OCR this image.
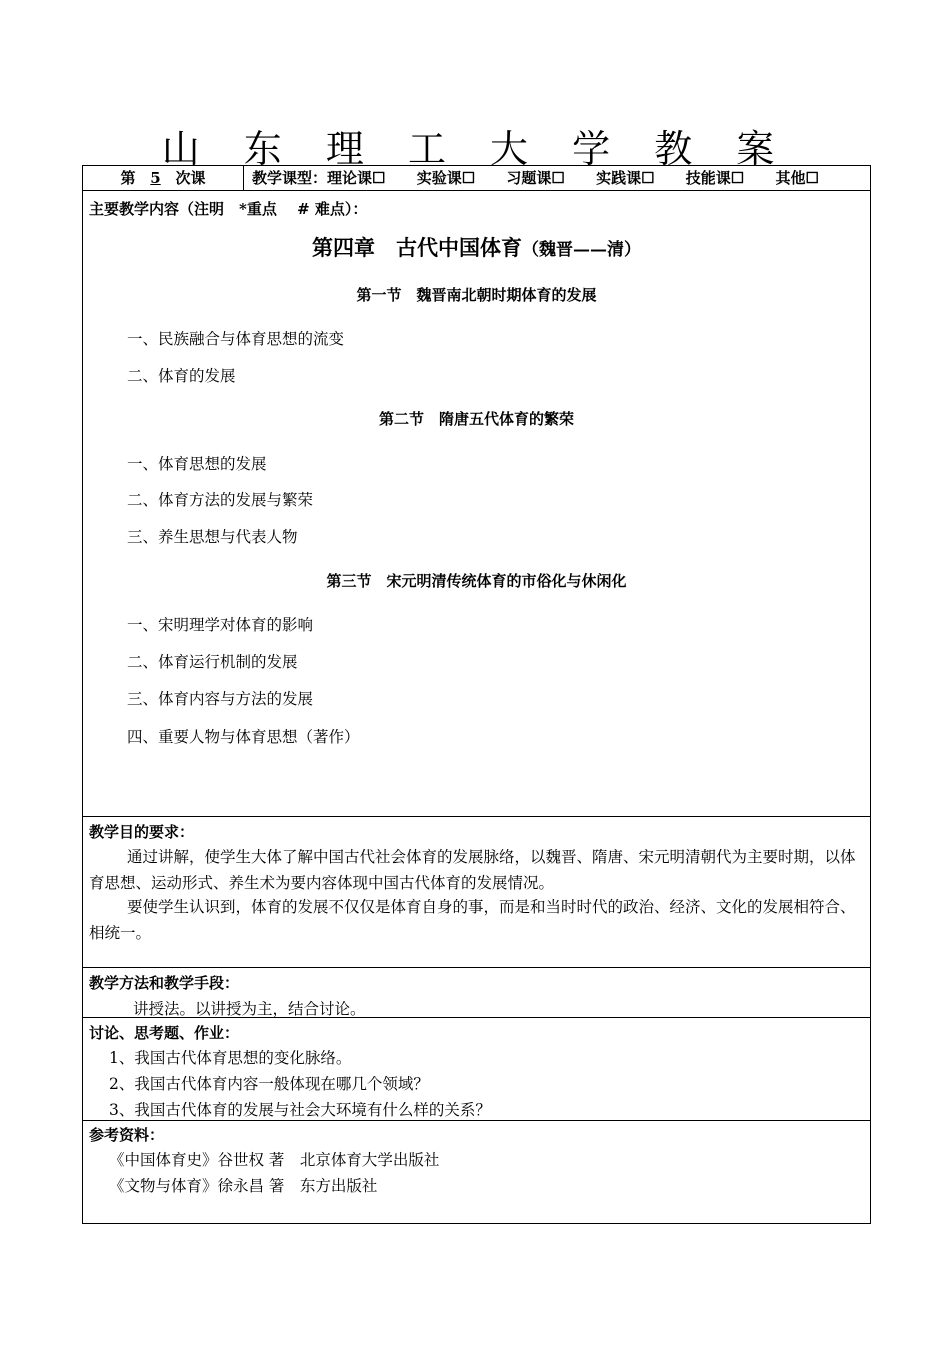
山 东 理 工 大 学 教 案
第 5 次课	教学课型：理论课☐ 实验课☐ 习题课☐ 实践课☐ 技能课☐ 其他☐
主要教学内容（注明　*重点　 # 难点）：
第四章　古代中国体育（魏晋——清）
第一节　魏晋南北朝时期体育的发展
一、民族融合与体育思想的流变
二、体育的发展
第二节　隋唐五代体育的繁荣
一、体育思想的发展
二、体育方法的发展与繁荣
三、养生思想与代表人物
第三节　宋元明清传统体育的市俗化与休闲化
一、宋明理学对体育的影响
二、体育运行机制的发展
三、体育内容与方法的发展
四、重要人物与体育思想（著作）
教学目的要求：
通过讲解，使学生大体了解中国古代社会体育的发展脉络，以魏晋、隋唐、宋元明清朝代为主要时期，以体育思想、运动形式、养生术为要内容体现中国古代体育的发展情况。
要使学生认识到，体育的发展不仅仅是体育自身的事，而是和当时时代的政治、经济、文化的发展相符合、相统一。
教学方法和教学手段：
讲授法。以讲授为主，结合讨论。
讨论、思考题、作业：
1、我国古代体育思想的变化脉络。
2、我国古代体育内容一般体现在哪几个领域？
3、我国古代体育的发展与社会大环境有什么样的关系？
参考资料：
《中国体育史》谷世权 著　北京体育大学出版社
《文物与体育》徐永昌 箸　东方出版社
